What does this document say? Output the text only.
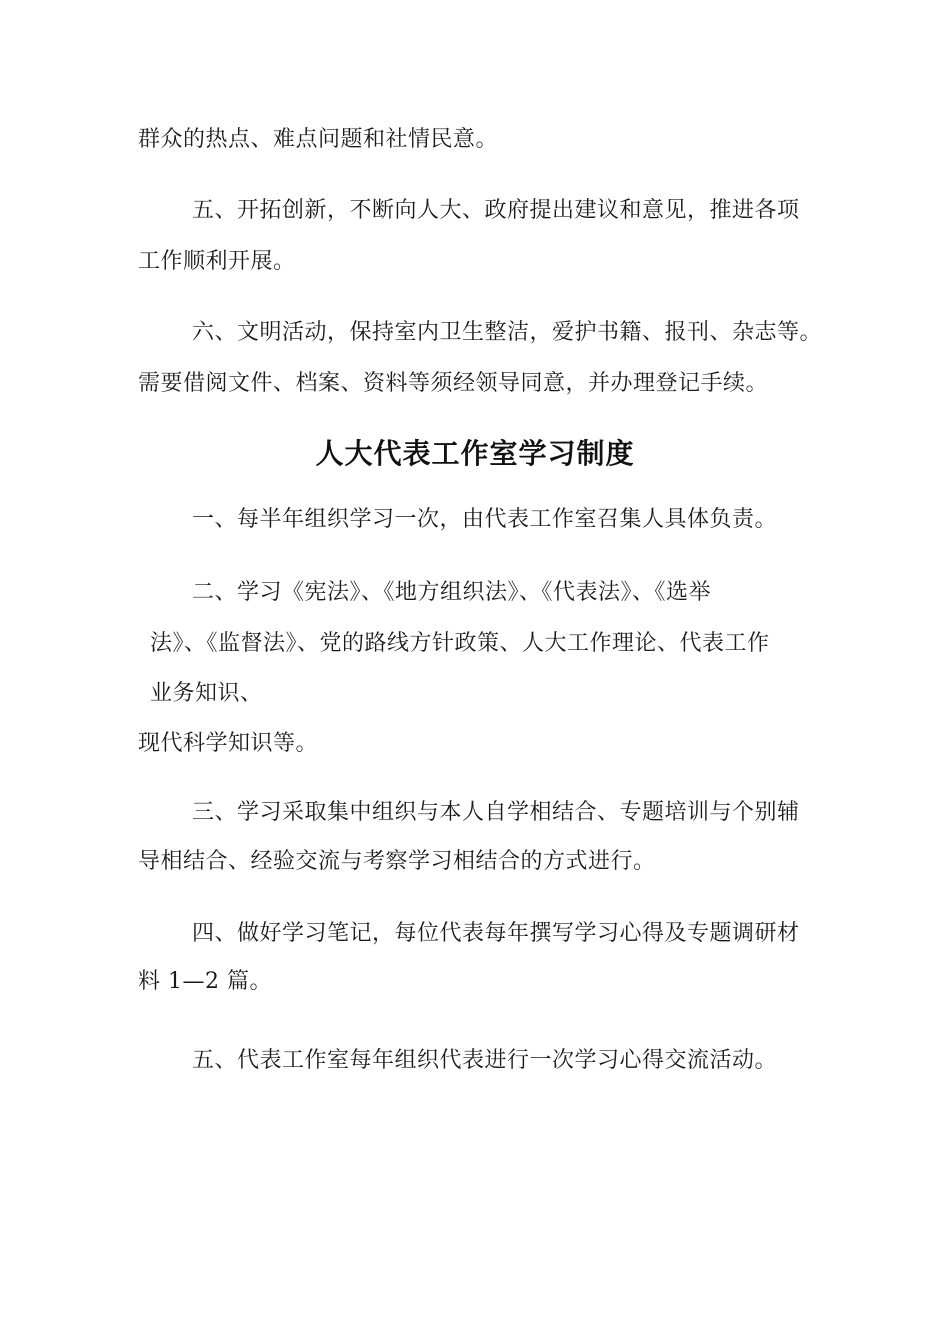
群众的热点、难点问题和社情民意。
五、开拓创新，不断向人大、政府提出建议和意见，推进各项
工作顺利开展。
六、文明活动，保持室内卫生整洁，爱护书籍、报刊、杂志等。
需要借阅文件、档案、资料等须经领导同意，并办理登记手续。
人大代表工作室学习制度
一、每半年组织学习一次，由代表工作室召集人具体负责。
二、学习《宪法》、《地方组织法》、《代表法》、《选举
法》、《监督法》、党的路线方针政策、人大工作理论、代表工作
业务知识、
现代科学知识等。
三、学习采取集中组织与本人自学相结合、专题培训与个别辅
导相结合、经验交流与考察学习相结合的方式进行。
四、做好学习笔记，每位代表每年撰写学习心得及专题调研材
料 1—2 篇。
五、代表工作室每年组织代表进行一次学习心得交流活动。
